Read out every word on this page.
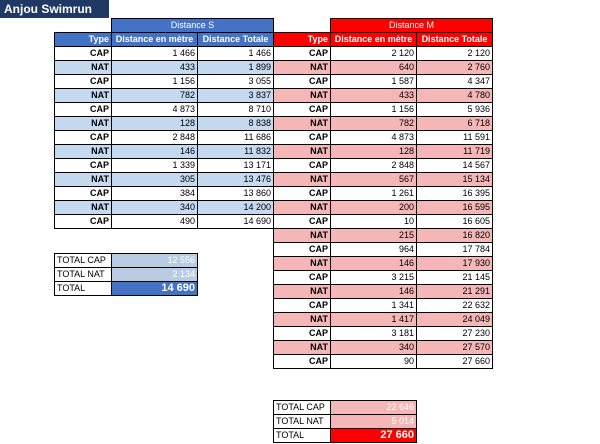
Anjou Swimrun
	Distance S	
Type	Distance en mètre	Distance Totale
CAP	1 466	1 466
NAT	433	1 899
CAP	1 156	3 055
NAT	782	3 837
CAP	4 873	8 710
NAT	128	8 838
CAP	2 848	11 686
NAT	146	11 832
CAP	1 339	13 171
NAT	305	13 476
CAP	384	13 860
NAT	340	14 200
CAP	490	14 690
TOTAL CAP	12 556
TOTAL NAT	2 134
TOTAL	14 690
	Distance M	
Type	Distance en mètre	Distance Totale
CAP	2 120	2 120
NAT	640	2 760
CAP	1 587	4 347
NAT	433	4 780
CAP	1 156	5 936
NAT	782	6 718
CAP	4 873	11 591
NAT	128	11 719
CAP	2 848	14 567
NAT	567	15 134
CAP	1 261	16 395
NAT	200	16 595
CAP	10	16 605
NAT	215	16 820
CAP	964	17 784
NAT	146	17 930
CAP	3 215	21 145
NAT	146	21 291
CAP	1 341	22 632
NAT	1 417	24 049
CAP	3 181	27 230
NAT	340	27 570
CAP	90	27 660
TOTAL CAP	22 646
TOTAL NAT	5 014
TOTAL	27 660
